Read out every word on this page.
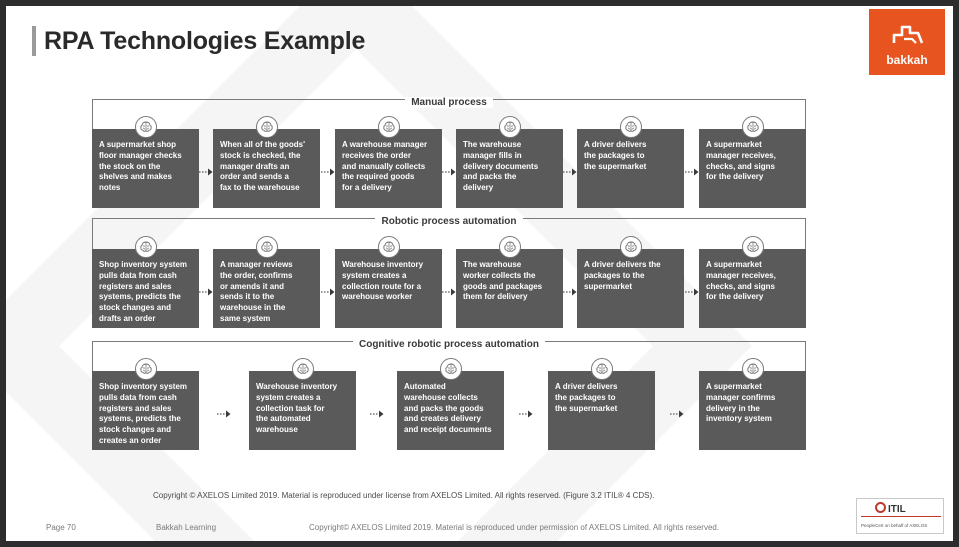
RPA Technologies Example
bakkah
Manual process
A supermarket shop
floor manager checks
the stock on the
shelves and makes
notes
When all of the goods'
stock is checked, the
manager drafts an
order and sends a
fax to the warehouse
A warehouse manager
receives the order
and manually collects
the required goods
for a delivery
The warehouse
manager fills in
delivery documents
and packs the
delivery
A driver delivers
the packages to
the supermarket
A supermarket
manager receives,
checks, and signs
for the delivery
Robotic process automation
Shop inventory system
pulls data from cash
registers and sales
systems, predicts the
stock changes and
drafts an order
A manager reviews
the order, confirms
or amends it and
sends it to the
warehouse in the
same system
Warehouse inventory
system creates a
collection route for a
warehouse worker
The warehouse
worker collects the
goods and packages
them for delivery
A driver delivers the
packages to the
supermarket
A supermarket
manager receives,
checks, and signs
for the delivery
Cognitive robotic process automation
Shop inventory system
pulls data from cash
registers and sales
systems, predicts the
stock changes and
creates an order
Warehouse inventory
system creates a
collection task for
the automated
warehouse
Automated
warehouse collects
and packs the goods
and creates delivery
and receipt documents
A driver delivers
the packages to
the supermarket
A supermarket
manager confirms
delivery in the
inventory system
Copyright © AXELOS Limited 2019. Material is reproduced under license from AXELOS Limited. All rights reserved. (Figure 3.2 ITIL® 4 CDS).
Page 70	Bakkah Learning	Copyright© AXELOS Limited 2019. Material is reproduced under permission of AXELOS Limited. All rights reserved.
ITIL
PeopleCert on behalf of AXELOS
